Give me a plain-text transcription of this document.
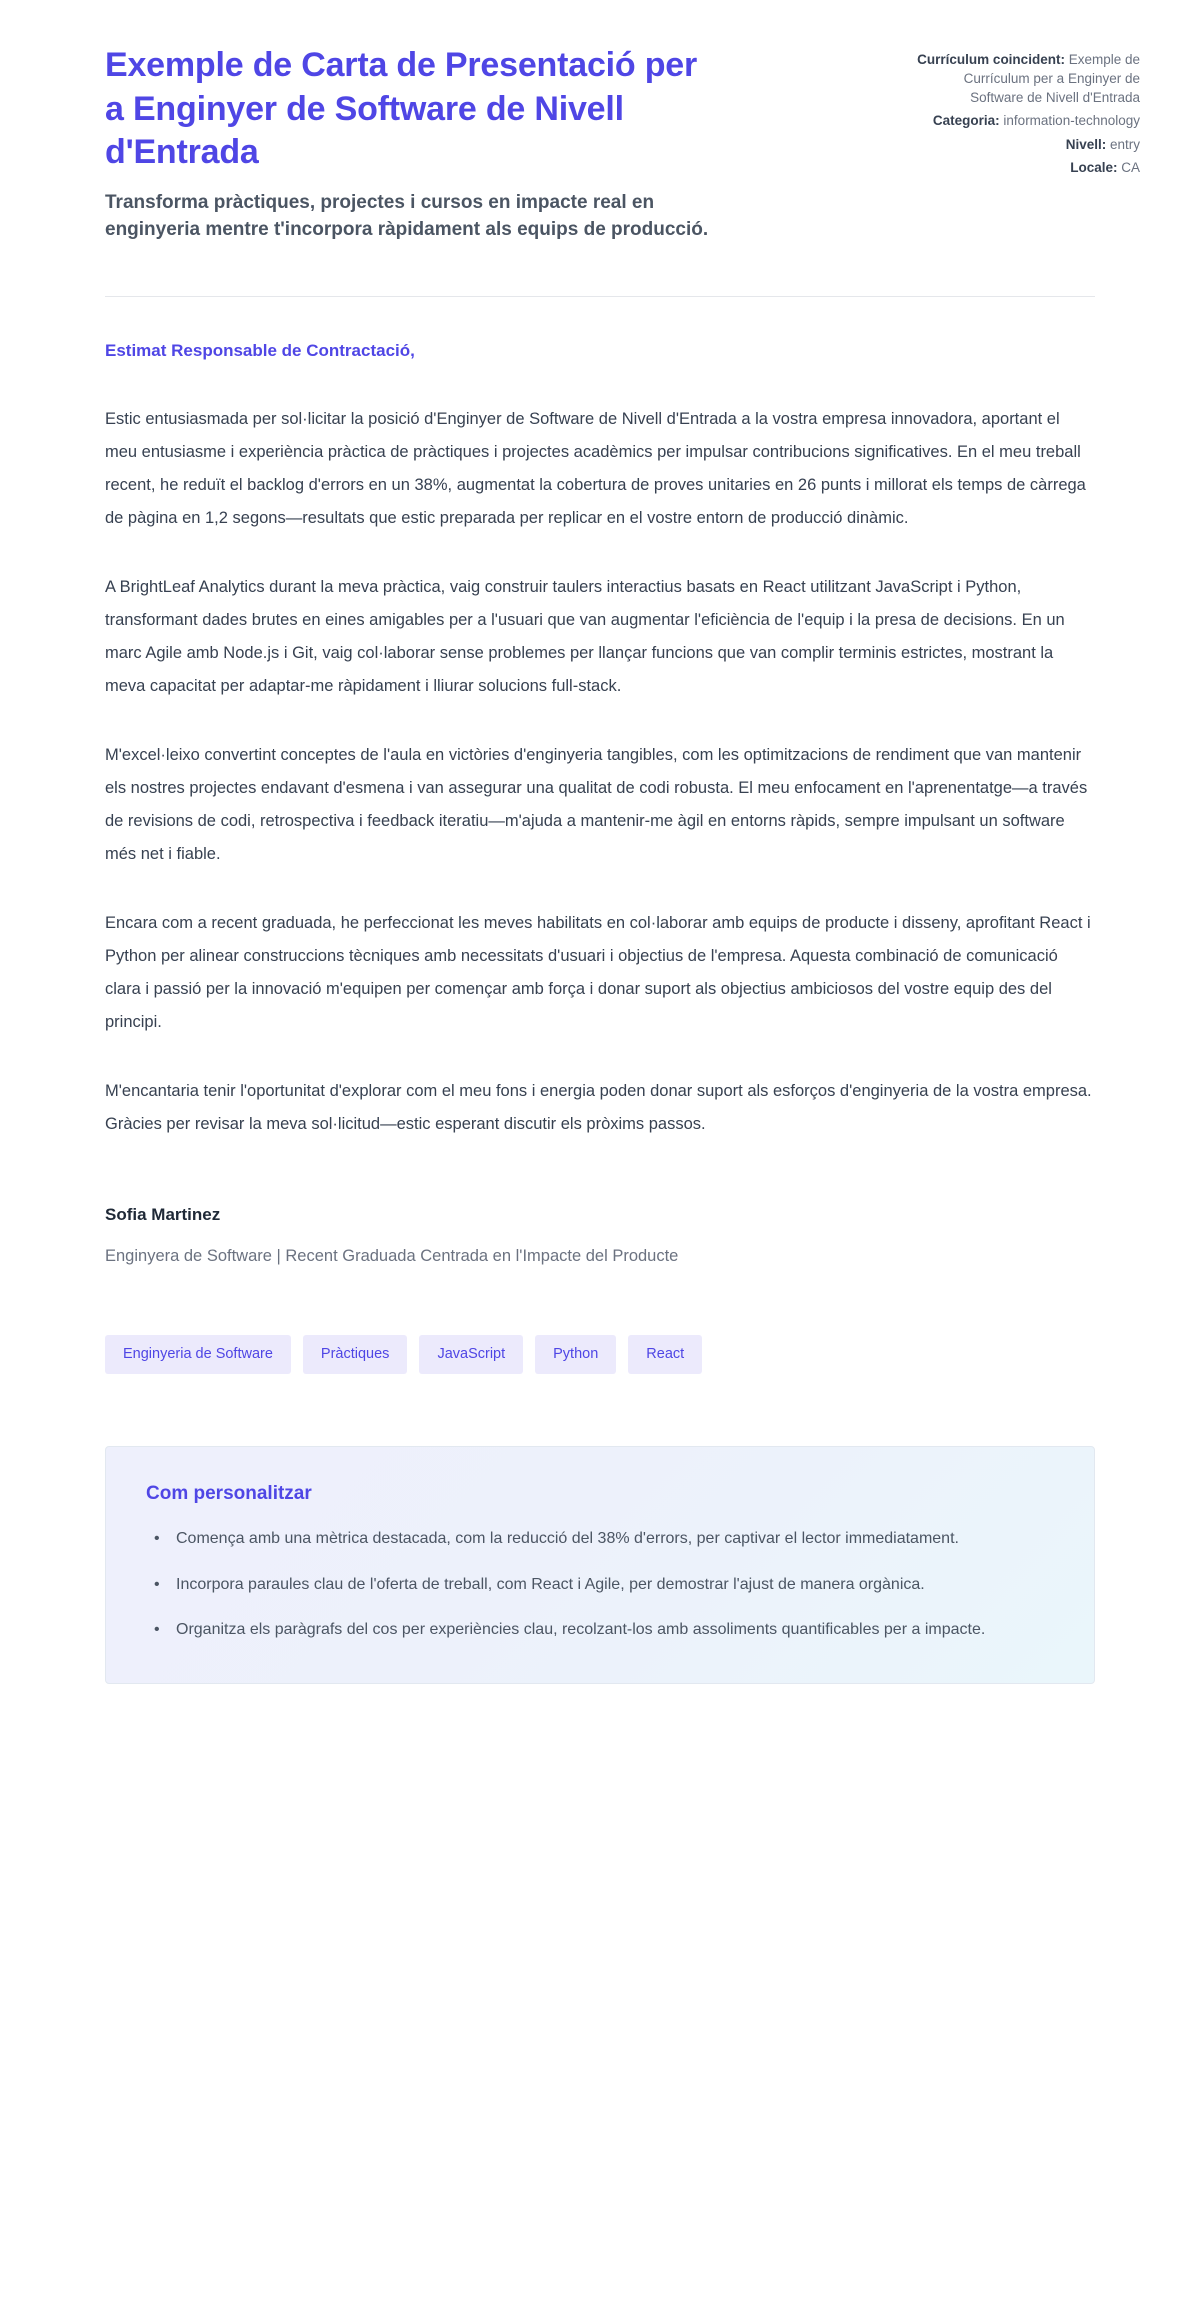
Exemple de Carta de Presentació per a Enginyer de Software de Nivell d'Entrada

Transforma pràctiques, projectes i cursos en impacte real en enginyeria mentre t'incorpora ràpidament als equips de producció.

Currículum coincident: Exemple de Currículum per a Enginyer de Software de Nivell d'Entrada
Categoria: information-technology
Nivell: entry
Locale: CA

Estimat Responsable de Contractació,

Estic entusiasmada per sol·licitar la posició d'Enginyer de Software de Nivell d'Entrada a la vostra empresa innovadora, aportant el meu entusiasme i experiència pràctica de pràctiques i projectes acadèmics per impulsar contribucions significatives. En el meu treball recent, he reduït el backlog d'errors en un 38%, augmentat la cobertura de proves unitaries en 26 punts i millorat els temps de càrrega de pàgina en 1,2 segons—resultats que estic preparada per replicar en el vostre entorn de producció dinàmic.

A BrightLeaf Analytics durant la meva pràctica, vaig construir taulers interactius basats en React utilitzant JavaScript i Python, transformant dades brutes en eines amigables per a l'usuari que van augmentar l'eficiència de l'equip i la presa de decisions. En un marc Agile amb Node.js i Git, vaig col·laborar sense problemes per llançar funcions que van complir terminis estrictes, mostrant la meva capacitat per adaptar-me ràpidament i lliurar solucions full-stack.

M'excel·leixo convertint conceptes de l'aula en victòries d'enginyeria tangibles, com les optimitzacions de rendiment que van mantenir els nostres projectes endavant d'esmena i van assegurar una qualitat de codi robusta. El meu enfocament en l'aprenentatge—a través de revisions de codi, retrospectiva i feedback iteratiu—m'ajuda a mantenir-me àgil en entorns ràpids, sempre impulsant un software més net i fiable.

Encara com a recent graduada, he perfeccionat les meves habilitats en col·laborar amb equips de producte i disseny, aprofitant React i Python per alinear construccions tècniques amb necessitats d'usuari i objectius de l'empresa. Aquesta combinació de comunicació clara i passió per la innovació m'equipen per començar amb força i donar suport als objectius ambiciosos del vostre equip des del principi.

M'encantaria tenir l'oportunitat d'explorar com el meu fons i energia poden donar suport als esforços d'enginyeria de la vostra empresa. Gràcies per revisar la meva sol·licitud—estic esperant discutir els pròxims passos.

Sofia Martinez

Enginyera de Software | Recent Graduada Centrada en l'Impacte del Producte

Enginyeria de Software	Pràctiques	JavaScript	Python	React
Com personalitzar
• Comença amb una mètrica destacada, com la reducció del 38% d'errors, per captivar el lector immediatament.
• Incorpora paraules clau de l'oferta de treball, com React i Agile, per demostrar l'ajust de manera orgànica.
• Organitza els paràgrafs del cos per experiències clau, recolzant-los amb assoliments quantificables per a impacte.
